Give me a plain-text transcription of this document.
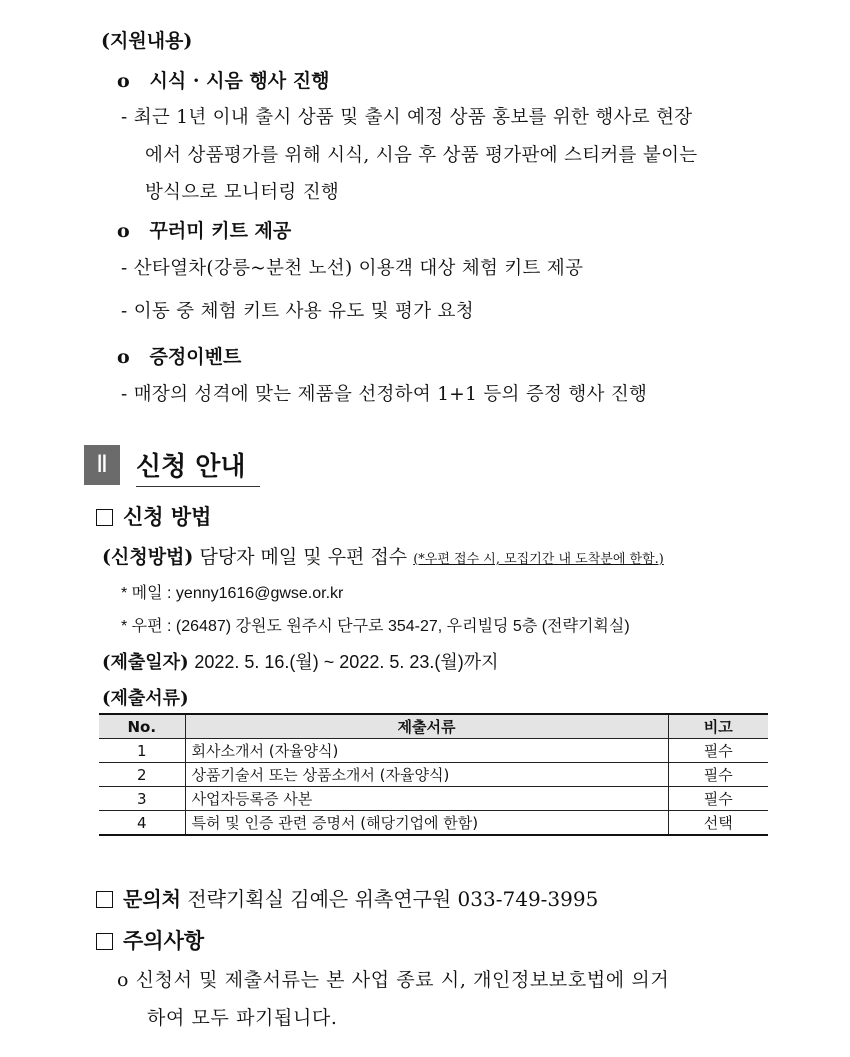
(지원내용)
o 시식 · 시음 행사 진행
- 최근 1년 이내 출시 상품 및 출시 예정 상품 홍보를 위한 행사로 현장
에서 상품평가를 위해 시식, 시음 후 상품 평가판에 스티커를 붙이는
방식으로 모니터링 진행
o 꾸러미 키트 제공
- 산타열차(강릉~분천 노선) 이용객 대상 체험 키트 제공
- 이동 중 체험 키트 사용 유도 및 평가 요청
o 증정이벤트
- 매장의 성격에 맞는 제품을 선정하여 1+1 등의 증정 행사 진행
Ⅱ	신청 안내
신청 방법
(신청방법) 담당자 메일 및 우편 접수 (*우편 접수 시, 모집기간 내 도착분에 한함.)
* 메일 : yenny1616@gwse.or.kr
* 우편 : (26487) 강원도 원주시 단구로 354-27, 우리빌딩 5층 (전략기획실)
(제출일자) 2022. 5. 16.(월) ~ 2022. 5. 23.(월)까지
(제출서류)
No.	제출서류	비고
1	회사소개서 (자율양식)	필수
2	상품기술서 또는 상품소개서 (자율양식)	필수
3	사업자등록증 사본	필수
4	특허 및 인증 관련 증명서 (해당기업에 한함)	선택
문의처 전략기획실 김예은 위촉연구원 033-749-3995
주의사항
o 신청서 및 제출서류는 본 사업 종료 시, 개인정보보호법에 의거
하여 모두 파기됩니다.
